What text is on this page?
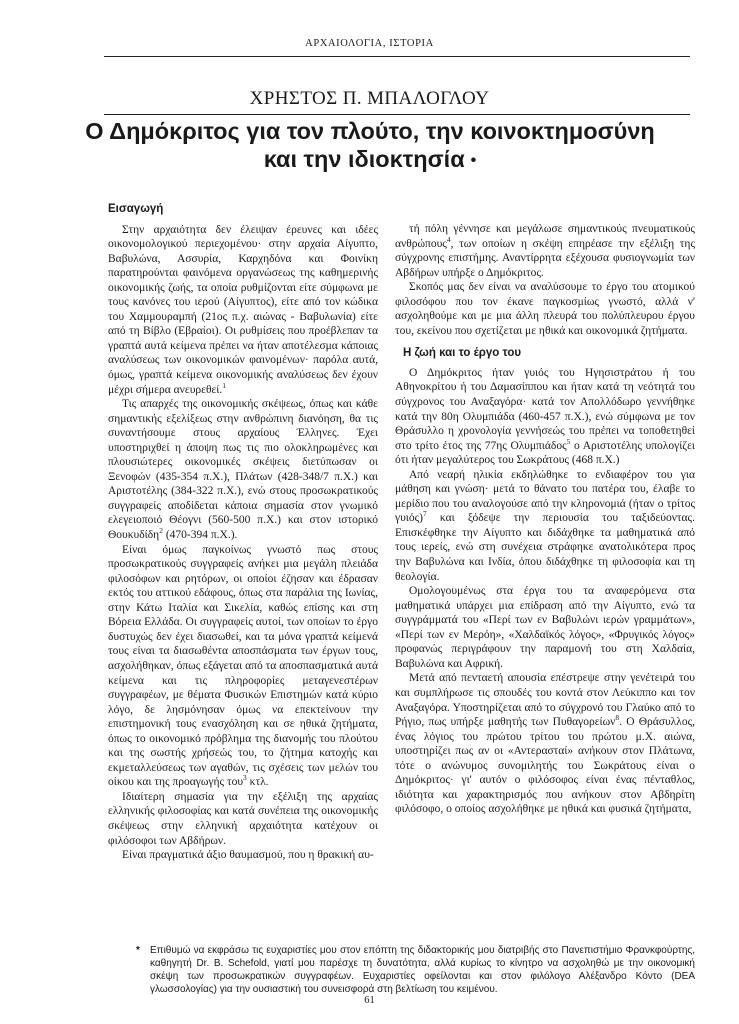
ΑΡΧΑΙΟΛΟΓΙΑ, ΙΣΤΟΡΙΑ
ΧΡΗΣΤΟΣ Π. ΜΠΑΛΟΓΛΟΥ
Ο Δημόκριτος για τον πλούτο, την κοινοκτημοσύνη
και την ιδιοκτησία •
Εισαγωγή

Στην αρχαιότητα δεν έλειψαν έρευνες και ιδέες οικονομολογικού περιεχομένου· στην αρχαία Αίγυπτο, Βαβυλώνα, Ασσυρία, Καρχηδόνα και Φοινίκη παρατηρούνται φαινόμενα οργανώσεως της καθημερινής οικονομικής ζωής, τα οποία ρυθμίζονται είτε σύμφωνα με τους κανόνες του ιερού (Αίγυπτος), είτε από τον κώδικα του Χαμμουραμπή (21ος π.χ. αιώνας - Βαβυλωνία) είτε από τη Βίβλο (Εβραίοι). Οι ρυθμίσεις που προέβλεπαν τα γραπτά αυτά κείμενα πρέπει να ήταν αποτέλεσμα κάποιας αναλύσεως των οικονομικών φαινομένων· παρόλα αυτά, όμως, γραπτά κείμενα οικονομικής αναλύσεως δεν έχουν μέχρι σήμερα ανευρεθεί.$^1$

Τις απαρχές της οικονομικής σκέψεως, όπως και κάθε σημαντικής εξελίξεως στην ανθρώπινη διανόηση, θα τις συναντήσουμε στους αρχαίους Έλληνες. Έχει υποστηριχθεί η άποψη πως τις πιο ολοκληρωμένες και πλουσιώτερες οικονομικές σκέψεις διετύπωσαν οι Ξενοφών (435-354 π.Χ.), Πλάτων (428-348/7 π.Χ.) και Αριστοτέλης (384-322 π.Χ.), ενώ στους προσωκρατικούς συγγραφείς αποδίδεται κάποια σημασία στον γνωμικό ελεγειοποιό Θέογνι (560-500 π.Χ.) και στον ιστορικό Θουκυδίδη$^2$ (470-394 π.Χ.).

Είναι όμως παγκοίνως γνωστό πως στους προσωκρατικούς συγγραφείς ανήκει μια μεγάλη πλειάδα φιλοσόφων και ρητόρων, οι οποίοι έζησαν και έδρασαν εκτός του αττικού εδάφους, όπως στα παράλια της Ιωνίας, στην Κάτω Ιταλία και Σικελία, καθώς επίσης και στη Βόρεια Ελλάδα. Οι συγγραφείς αυτοί, των οποίων το έργο δυστυχώς δεν έχει διασωθεί, και τα μόνα γραπτά κείμενά τους είναι τα διασωθέντα αποσπάσματα των έργων τους, ασχολήθηκαν, όπως εξάγεται από τα αποσπασματικά αυτά κείμενα και τις πληροφορίες μεταγενεστέρων συγγραφέων, με θέματα Φυσικών Επιστημών κατά κύριο λόγο, δε λησμόνησαν όμως να επεκτείνουν την επιστημονική τους ενασχόληση και σε ηθικά ζητήματα, όπως το οικονομικό πρόβλημα της διανομής του πλούτου και της σωστής χρήσεώς του, το ζήτημα κατοχής και εκμεταλλεύσεως των αγαθών, τις σχέσεις των μελών του οίκου και της προαγωγής του$^3$ κτλ.

Ιδιαίτερη σημασία για την εξέλιξη της αρχαίας ελληνικής φιλοσοφίας και κατά συνέπεια της οικονομικής σκέψεως στην ελληνική αρχαιότητα κατέχουν οι φιλόσοφοι των Αβδήρων.

Είναι πραγματικά άξιο θαυμασμού, που η θρακική αυ-

τή πόλη γέννησε και μεγάλωσε σημαντικούς πνευματικούς ανθρώπους$^4$, των οποίων η σκέψη επηρέασε την εξέλιξη της σύγχρονης επιστήμης. Αναντίρρητα εξέχουσα φυσιογνωμία των Αβδήρων υπήρξε ο Δημόκριτος.

Σκοπός μας δεν είναι να αναλύσουμε το έργο του ατομικού φιλοσόφου που τον έκανε παγκοσμίως γνωστό, αλλά ν' ασχοληθούμε και με μια άλλη πλευρά του πολύπλευρου έργου του, εκείνου που σχετίζεται με ηθικά και οικονομικά ζητήματα.

Η ζωή και το έργο του

Ο Δημόκριτος ήταν γυιός του Ηγησιστράτου ή του Αθηνοκρίτου ή του Δαμασίππου και ήταν κατά τη νεότητά του σύγχρονος του Αναξαγόρα· κατά τον Απολλόδωρο γεννήθηκε κατά την 80η Ολυμπιάδα (460-457 π.Χ.), ενώ σύμφωνα με τον Θράσυλλο η χρονολογία γεννήσεώς του πρέπει να τοποθετηθεί στο τρίτο έτος της 77ης Ολυμπιάδος$^5$ ο Αριστοτέλης υπολογίζει ότι ήταν μεγαλύτερος του Σωκράτους (468 π.Χ.)

Από νεαρή ηλικία εκδηλώθηκε το ενδιαφέρον του για μάθηση και γνώση· μετά το θάνατο του πατέρα του, έλαβε το μερίδιο που του αναλογούσε από την κληρονομιά (ήταν ο τρίτος γυιός)$^7$ και ξόδεψε την περιουσία του ταξιδεύοντας. Επισκέφθηκε την Αίγυπτο και διδάχθηκε τα μαθηματικά από τους ιερείς, ενώ στη συνέχεια στράφηκε ανατολικότερα προς την Βαβυλώνα και Ινδία, όπου διδάχθηκε τη φιλοσοφία και τη θεολογία.

Ομολογουμένως στα έργα του τα αναφερόμενα στα μαθηματικά υπάρχει μια επίδραση από την Αίγυπτο, ενώ τα συγγράμματά του «Περί των εν Βαβυλώνι ιερών γραμμάτων», «Περί των εν Μερόη», «Χαλδαϊκός λόγος», «Φρυγικός λόγος» προφανώς περιγράφουν την παραμονή του στη Χαλδαία, Βαβυλώνα και Αφρική.

Μετά από πενταετή απουσία επέστρεψε στην γενέτειρά του και συμπλήρωσε τις σπουδές του κοντά στον Λεύκιππο και τον Αναξαγόρα. Υποστηρίζεται από το σύγχρονό του Γλαύκο από το Ρήγιο, πως υπήρξε μαθητής των Πυθαγορείων$^8$. Ο Θράσυλλος, ένας λόγιος του πρώτου τρίτου του πρώτου μ.Χ. αιώνα, υποστηρίζει πως αν οι «Αντερασταί» ανήκουν στον Πλάτωνα, τότε ο ανώνυμος συνομιλητής του Σωκράτους είναι ο Δημόκριτος· γι' αυτόν ο φιλόσοφος είναι ένας πένταθλος, ιδιότητα και χαρακτηρισμός που ανήκουν στον Αβδηρίτη φιλόσοφο, ο οποίος ασχολήθηκε με ηθικά και φυσικά ζητήματα,

* Επιθυμώ να εκφράσω τις ευχαριστίες μου στον επόπτη της διδακτορικής μου διατριβής στο Πανεπιστήμιο Φρανκφούρτης, καθηγητή Dr. B. Schefold, γιατί μου παρέσχε τη δυνατότητα, αλλά κυρίως το κίνητρο να ασχοληθώ με την οικονομική σκέψη των προσωκρατικών συγγραφέων. Ευχαριστίες οφείλονται και στον φιλόλογο Αλέξανδρο Κόντο (DEA γλωσσολογίας) για την ουσιαστική του συνεισφορά στη βελτίωση του κειμένου.
61
